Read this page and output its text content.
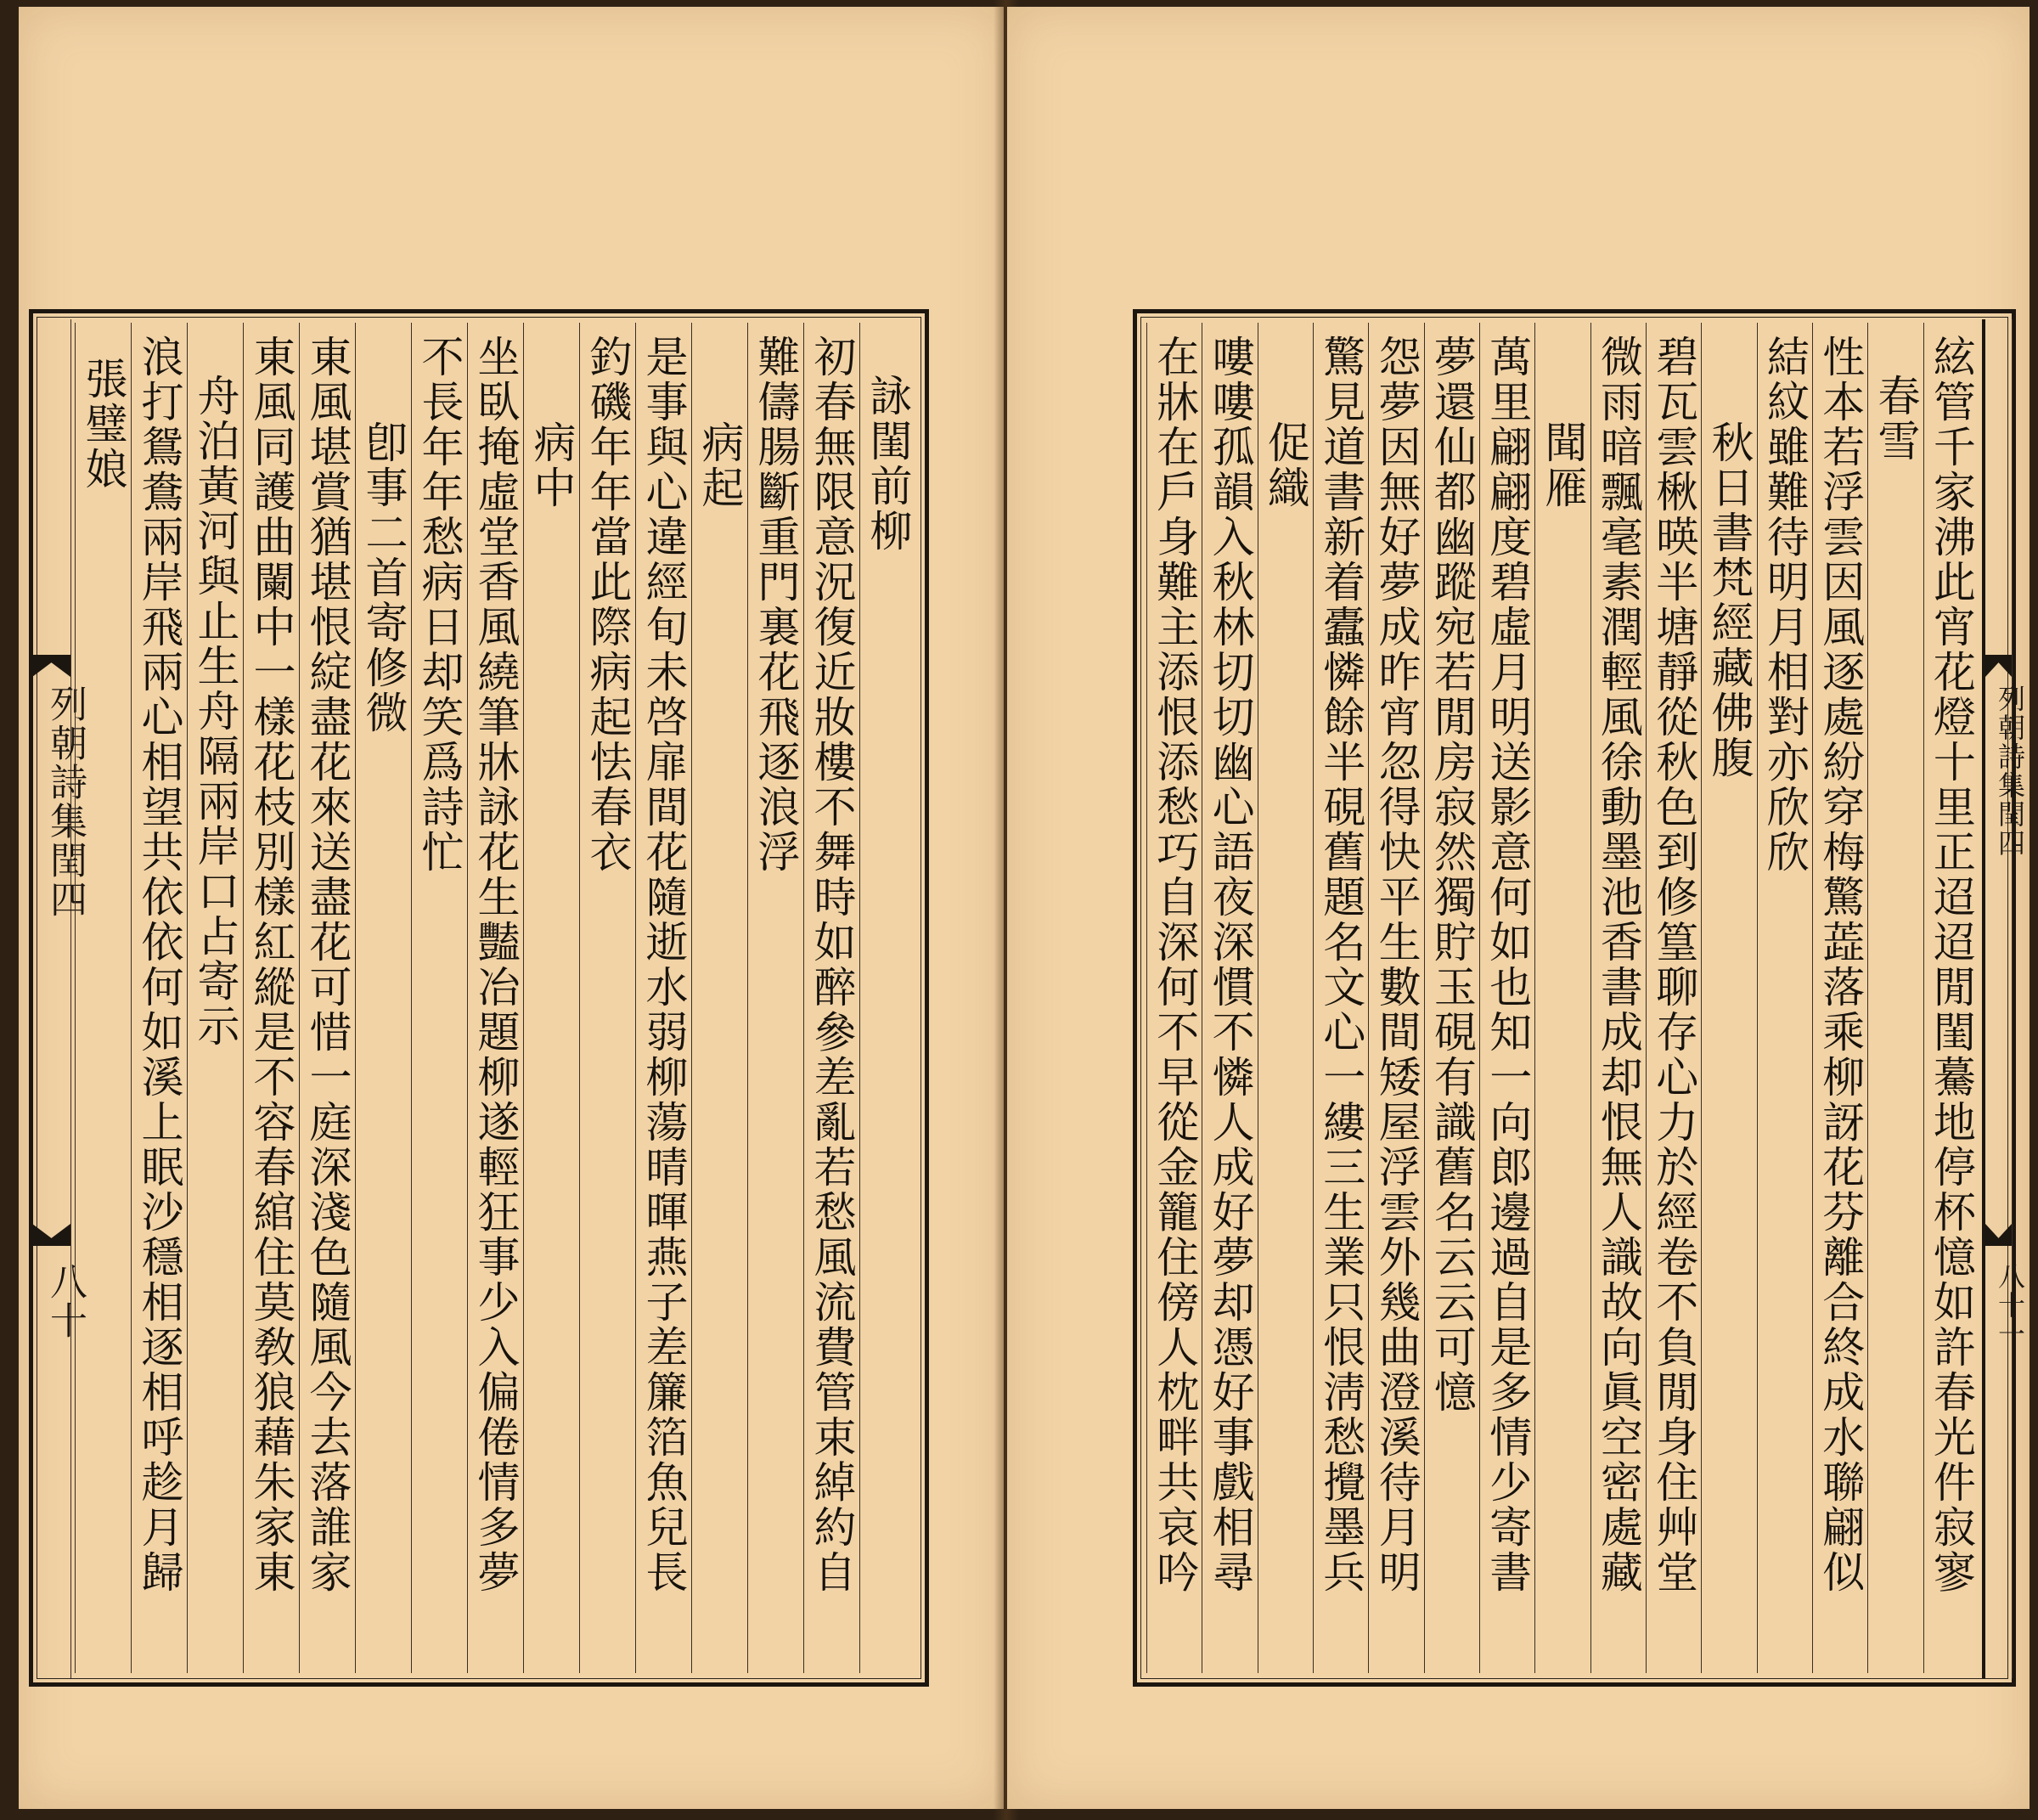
列朝詩集閏四
八十
詠閨前柳
初春無限意況復近妝樓不舞時如醉參差亂若愁風流費管束綽約自
難儔腸斷重門裏花飛逐浪浮
病起
是事與心違經旬未啓扉間花隨逝水弱柳蕩晴暉燕子差簾箔魚兒長
釣磯年年當此際病起怯春衣
病中
坐臥掩虛堂香風繞筆牀詠花生豔冶題柳遂輕狂事少入偏倦情多夢
不長年年愁病日却笑爲詩忙
卽事二首寄修微
東風堪賞猶堪恨綻盡花來送盡花可惜一庭深淺色隨風今去落誰家
東風同護曲闌中一樣花枝別樣紅縱是不容春綰住莫敎狼藉朱家東
舟泊黃河與止生舟隔兩岸口占寄示
浪打鴛鴦兩岸飛兩心相望共依依何如溪上眠沙穩相逐相呼趁月歸
張璧娘
列朝詩集閏四
八十一
絃管千家沸此宵花燈十里正迢迢閒閨驀地停杯憶如許春光件寂寥
春雪
性本若浮雲因風逐處紛穿梅驚蕋落乘柳訝花芬離合終成水聯翩似
結紋雖難待明月相對亦欣欣
秋日書梵經藏佛腹
碧瓦雲楸暎半塘靜從秋色到修篁聊存心力於經卷不負閒身住艸堂
微雨暗飄毫素潤輕風徐動墨池香書成却恨無人識故向眞空密處藏
聞雁
萬里翩翩度碧虛月明送影意何如也知一向郎邊過自是多情少寄書
夢還仙都幽蹤宛若閒房寂然獨貯玉硯有識舊名云云可憶
怨夢因無好夢成昨宵忽得快平生數間矮屋浮雲外幾曲澄溪待月明
驚見道書新着蠹憐餘半硯舊題名文心一縷三生業只恨淸愁攪墨兵
促織
嘍嘍孤韻入秋林切切幽心語夜深慣不憐人成好夢却憑好事戲相尋
在牀在戶身難主添恨添愁巧自深何不早從金籠住傍人枕畔共哀吟
